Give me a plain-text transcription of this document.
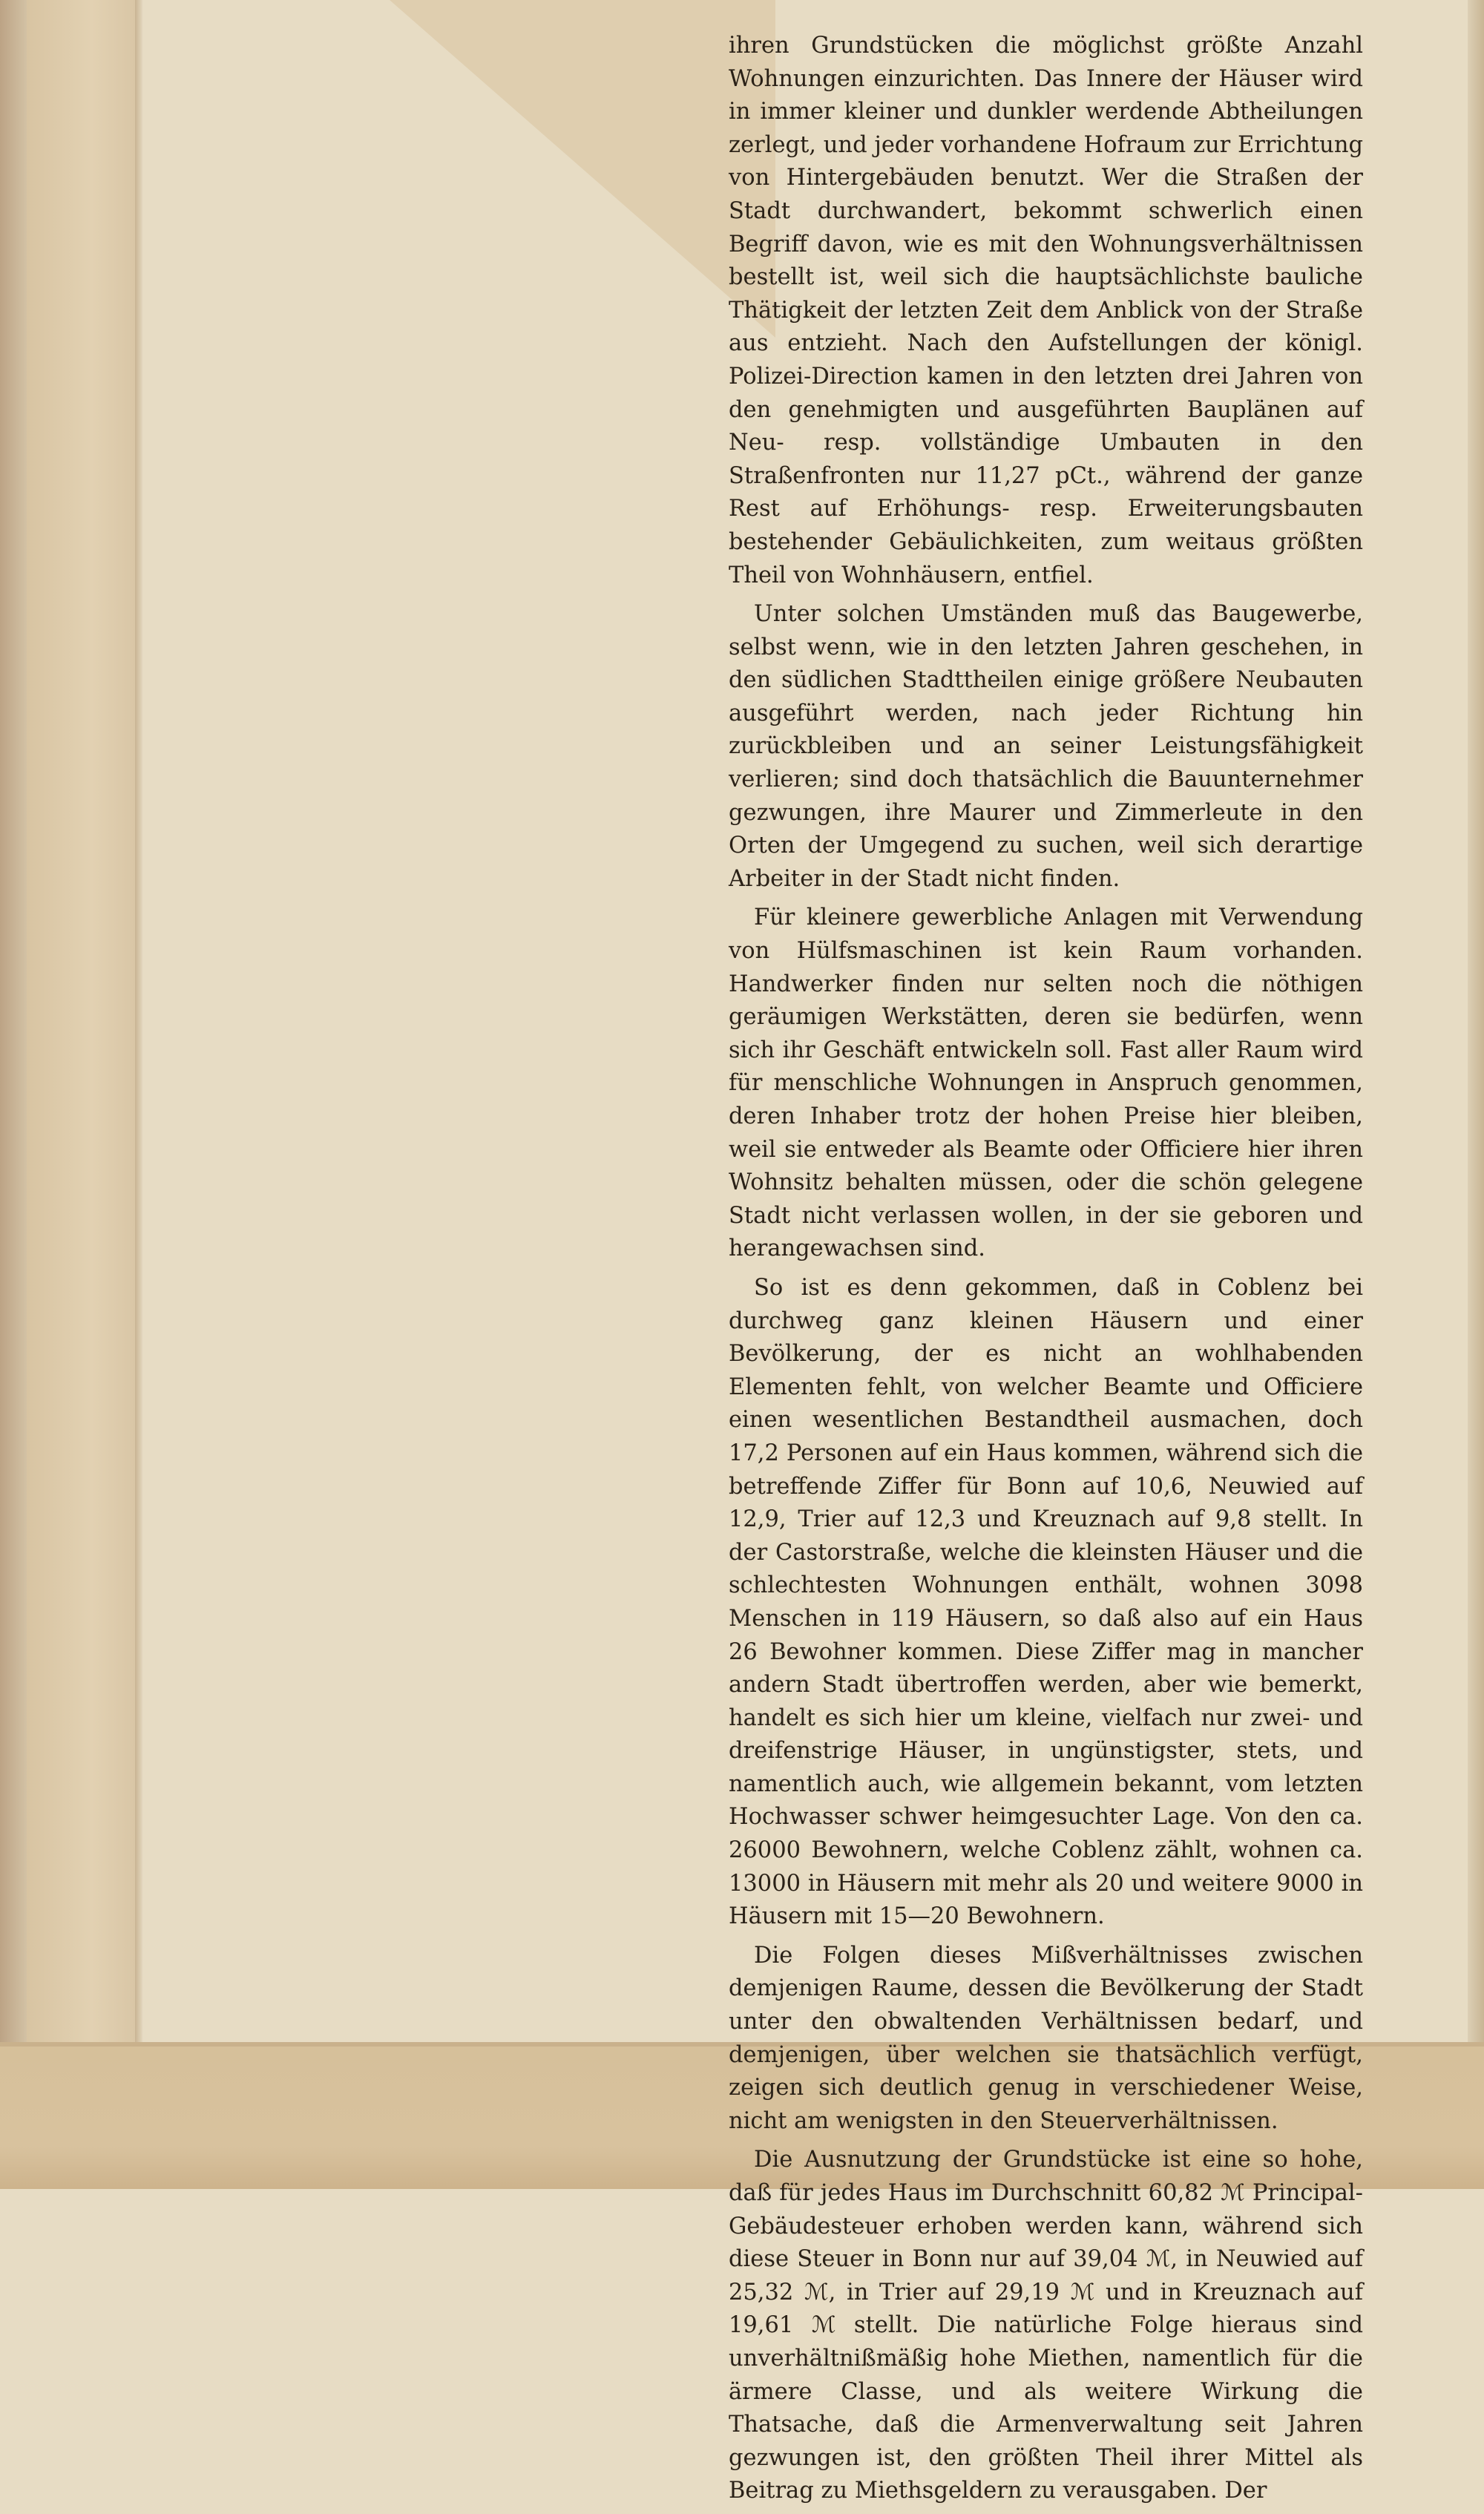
ihren Grundstücken die möglichst größte Anzahl Wohnungen einzurichten. Das Innere der Häuser wird in immer kleiner und dunkler werdende Abtheilungen zerlegt, und jeder vorhandene Hofraum zur Errichtung von Hintergebäuden benutzt. Wer die Straßen der Stadt durchwandert, bekommt schwerlich einen Begriff davon, wie es mit den Wohnungsverhältnissen bestellt ist, weil sich die hauptsächlichste bauliche Thätigkeit der letzten Zeit dem Anblick von der Straße aus entzieht. Nach den Aufstellungen der königl. Polizei-Direction kamen in den letzten drei Jahren von den genehmigten und ausgeführten Bauplänen auf Neu- resp. vollständige Umbauten in den Straßenfronten nur 11,27 pCt., während der ganze Rest auf Erhöhungs- resp. Erweiterungsbauten bestehender Gebäulichkeiten, zum weitaus größten Theil von Wohnhäusern, entfiel.

Unter solchen Umständen muß das Baugewerbe, selbst wenn, wie in den letzten Jahren geschehen, in den südlichen Stadttheilen einige größere Neubauten ausgeführt werden, nach jeder Richtung hin zurückbleiben und an seiner Leistungsfähigkeit verlieren; sind doch thatsächlich die Bauunternehmer gezwungen, ihre Maurer und Zimmerleute in den Orten der Umgegend zu suchen, weil sich derartige Arbeiter in der Stadt nicht finden.

Für kleinere gewerbliche Anlagen mit Verwendung von Hülfsmaschinen ist kein Raum vorhanden. Handwerker finden nur selten noch die nöthigen geräumigen Werkstätten, deren sie bedürfen, wenn sich ihr Geschäft entwickeln soll. Fast aller Raum wird für menschliche Wohnungen in Anspruch genommen, deren Inhaber trotz der hohen Preise hier bleiben, weil sie entweder als Beamte oder Officiere hier ihren Wohnsitz behalten müssen, oder die schön gelegene Stadt nicht verlassen wollen, in der sie geboren und herangewachsen sind.

So ist es denn gekommen, daß in Coblenz bei durchweg ganz kleinen Häusern und einer Bevölkerung, der es nicht an wohlhabenden Elementen fehlt, von welcher Beamte und Officiere einen wesentlichen Bestandtheil ausmachen, doch 17,2 Personen auf ein Haus kommen, während sich die betreffende Ziffer für Bonn auf 10,6, Neuwied auf 12,9, Trier auf 12,3 und Kreuznach auf 9,8 stellt. In der Castorstraße, welche die kleinsten Häuser und die schlechtesten Wohnungen enthält, wohnen 3098 Menschen in 119 Häusern, so daß also auf ein Haus 26 Bewohner kommen. Diese Ziffer mag in mancher andern Stadt übertroffen werden, aber wie bemerkt, handelt es sich hier um kleine, vielfach nur zwei- und dreifenstrige Häuser, in ungünstigster, stets, und namentlich auch, wie allgemein bekannt, vom letzten Hochwasser schwer heimgesuchter Lage. Von den ca. 26000 Bewohnern, welche Coblenz zählt, wohnen ca. 13000 in Häusern mit mehr als 20 und weitere 9000 in Häusern mit 15—20 Bewohnern.

Die Folgen dieses Mißverhältnisses zwischen demjenigen Raume, dessen die Bevölkerung der Stadt unter den obwaltenden Verhältnissen bedarf, und demjenigen, über welchen sie thatsächlich verfügt, zeigen sich deutlich genug in verschiedener Weise, nicht am wenigsten in den Steuerverhältnissen.

Die Ausnutzung der Grundstücke ist eine so hohe, daß für jedes Haus im Durchschnitt 60,82 ℳ Principal-Gebäudesteuer erhoben werden kann, während sich diese Steuer in Bonn nur auf 39,04 ℳ, in Neuwied auf 25,32 ℳ, in Trier auf 29,19 ℳ und in Kreuznach auf 19,61 ℳ stellt. Die natürliche Folge hieraus sind unverhältnißmäßig hohe Miethen, namentlich für die ärmere Classe, und als weitere Wirkung die Thatsache, daß die Armenverwaltung seit Jahren gezwungen ist, den größten Theil ihrer Mittel als Beitrag zu Miethsgeldern zu verausgaben. Der
